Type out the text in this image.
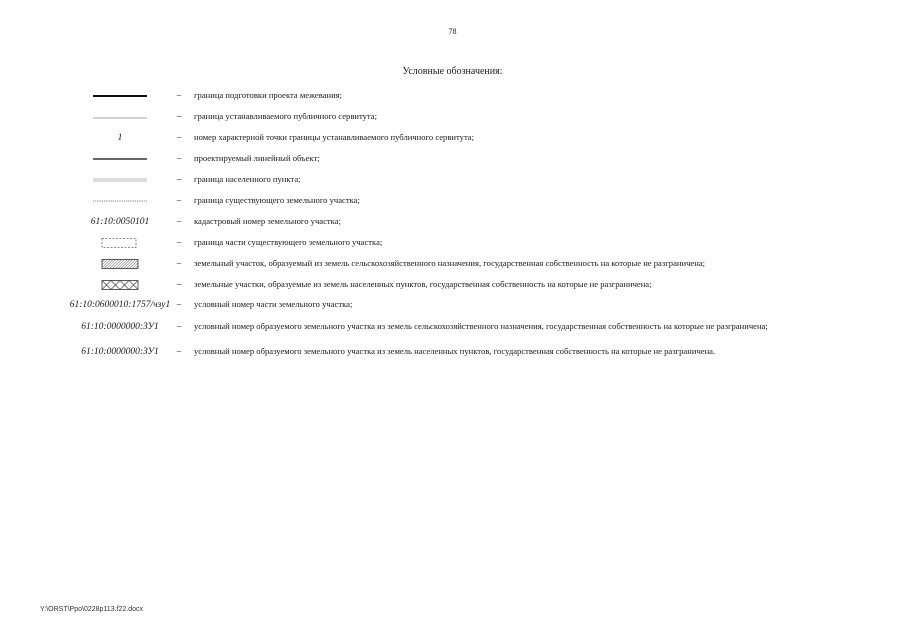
78
Условные обозначения:
–	граница подготовки проекта межевания;
–	граница устанавливаемого публичного сервитута;
1	–	номер характерной точки границы устанавливаемого публичного сервитута;
–	проектируемый линейный объект;
–	граница населенного пункта;
–	граница существующего земельного участка;
61:10:0050101	–	кадастровый номер земельного участка;
–	граница части существующего земельного участка;
–	земельный участок, образуемый из земель сельскохозяйственного назначения, государственная собственность на которые не разграничена;
–	земельные участки, образуемые из земель населенных пунктов, государственная собственность на которые не разграничена;
61:10:0600010:1757/чзу1 –	условный номер части земельного участка;
61:10:0000000:ЗУ1	–	условный номер образуемого земельного участка из земель сельскохозяйственного назначения, государственная собственность на которые не разграничена;
61:10:0000000:ЗУ1	–	условный номер образуемого земельного участка из земель населенных пунктов, государственная собственность на которые не разграничена.
Y:\ORST\Ppo\0228p113.f22.docx
